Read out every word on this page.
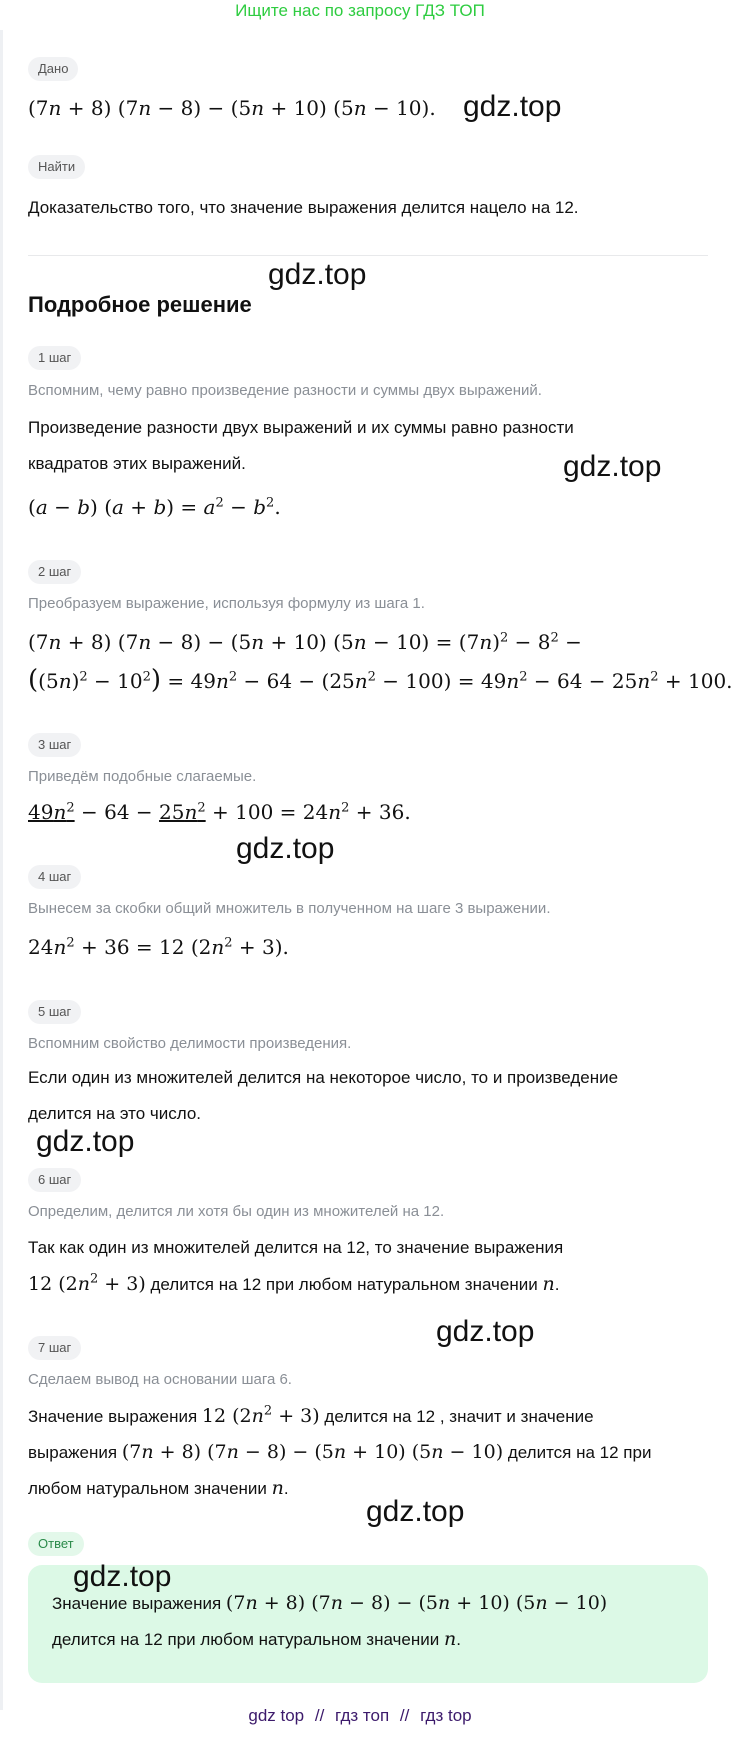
Ищите нас по запросу ГДЗ ТОП
Дано
(7n + 8) (7n − 8) − (5n + 10) (5n − 10).
Найти
Доказательство того, что значение выражения делится нацело на 12.
Подробное решение
1 шаг
Вспомним, чему равно произведение разности и суммы двух выражений.
Произведение разности двух выражений и их суммы равно разности
квадратов этих выражений.
(a − b) $(a + b) = a^2 - b^2$.
2 шаг
Преобразуем выражение, используя формулу из шага 1.
(7n + 8) (7n − 8) − (5n + 10) $(5n - 10) = (7n)^2 - 8^2$ −
$((5n)^2 - 10^2) = 49n^2 - 64 - (25n^2 - 100) = 49n^2 - 64 - 25n^2 + 100$.
3 шаг
Приведём подобные слагаемые.
$49n^2 - 64 - 25n^2 + 100 = 24n^2 + 36$.
4 шаг
Вынесем за скобки общий множитель в полученном на шаге 3 выражении.
$24n^2 + 36 = 12$ $(2n^2 + 3)$.
5 шаг
Вспомним свойство делимости произведения.
Если один из множителей делится на некоторое число, то и произведение
делится на это число.
6 шаг
Определим, делится ли хотя бы один из множителей на 12.
Так как один из множителей делится на 12, то значение выражения
12 $(2n^2 + 3)$ делится на 12 при любом натуральном значении n.
7 шаг
Сделаем вывод на основании шага 6.
Значение выражения 12 $(2n^2 + 3)$ делится на 12 , значит и значение
выражения (7n + 8) (7n − 8) − (5n + 10) (5n − 10) делится на 12 при
любом натуральном значении n.
Ответ
Значение выражения (7n + 8) (7n − 8) − (5n + 10) (5n − 10)
делится на 12 при любом натуральном значении n.
gdz.top
gdz.top
gdz.top
gdz.top
gdz.top
gdz.top
gdz.top
gdz.top
gdz top // гдз топ // гдз top
